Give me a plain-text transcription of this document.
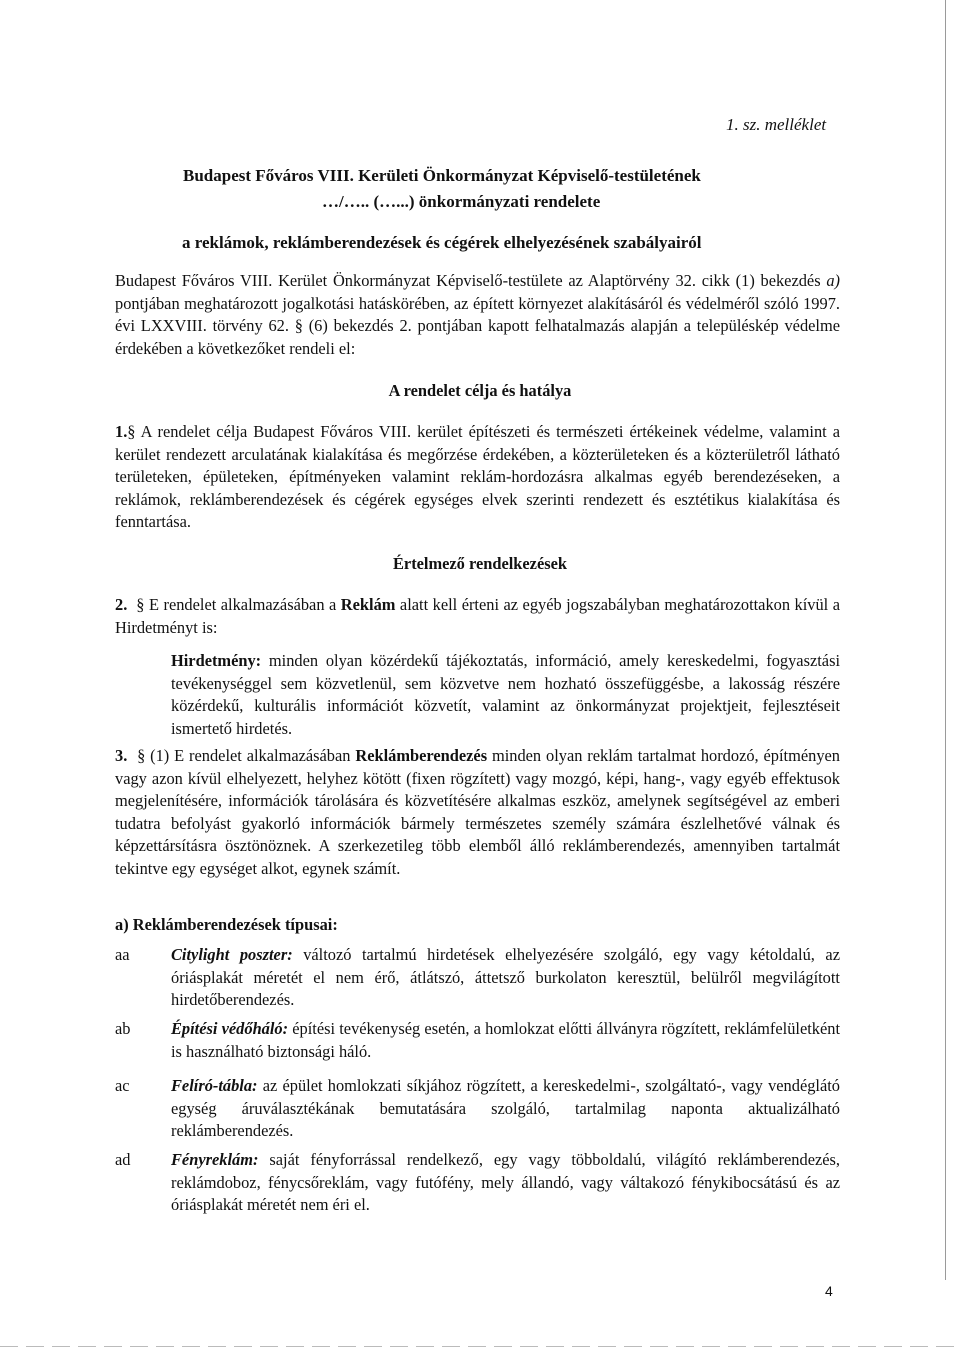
1. sz. melléklet
Budapest Főváros VIII. Kerületi Önkormányzat Képviselő-testületének
…/….. (…...) önkormányzati rendelete
a reklámok, reklámberendezések és cégérek elhelyezésének szabályairól
Budapest Főváros VIII. Kerület Önkormányzat Képviselő-testülete az Alaptörvény 32. cikk (1) bekezdés a) pontjában meghatározott jogalkotási hatáskörében, az épített környezet alakításáról és védelméről szóló 1997. évi LXXVIII. törvény 62. § (6) bekezdés 2. pontjában kapott felhatalmazás alapján a településkép védelme érdekében a következőket rendeli el:
A rendelet célja és hatálya
1.§ A rendelet célja Budapest Főváros VIII. kerület építészeti és természeti értékeinek védelme, valamint a kerület rendezett arculatának kialakítása és megőrzése érdekében, a közterületeken és a közterületről látható területeken, épületeken, építményeken valamint reklám-hordozásra alkalmas egyéb berendezéseken, a reklámok, reklámberendezések és cégérek egységes elvek szerinti rendezett és esztétikus kialakítása és fenntartása.
Értelmező rendelkezések
2. § E rendelet alkalmazásában a Reklám alatt kell érteni az egyéb jogszabályban meghatározottakon kívül a Hirdetményt is:
Hirdetmény: minden olyan közérdekű tájékoztatás, információ, amely kereskedelmi, fogyasztási tevékenységgel sem közvetlenül, sem közvetve nem hozható összefüggésbe, a lakosság részére közérdekű, kulturális információt közvetít, valamint az önkormányzat projektjeit, fejlesztéseit ismertető hirdetés.
3. § (1) E rendelet alkalmazásában Reklámberendezés minden olyan reklám tartalmat hordozó, építményen vagy azon kívül elhelyezett, helyhez kötött (fixen rögzített) vagy mozgó, képi, hang-, vagy egyéb effektusok megjelenítésére, információk tárolására és közvetítésére alkalmas eszköz, amelynek segítségével az emberi tudatra befolyást gyakorló információk bármely természetes személy számára észlelhetővé válnak és képzettársításra ösztönöznek. A szerkezetileg több elemből álló reklámberendezés, amennyiben tartalmát tekintve egy egységet alkot, egynek számít.
a) Reklámberendezések típusai:
aa	Citylight poszter: változó tartalmú hirdetések elhelyezésére szolgáló, egy vagy kétoldalú, az óriásplakát méretét el nem érő, átlátszó, áttetsző burkolaton keresztül, belülről megvilágított hirdetőberendezés.
ab	Építési védőháló: építési tevékenység esetén, a homlokzat előtti állványra rögzített, reklámfelületként is használható biztonsági háló.
ac	Felíró-tábla: az épület homlokzati síkjához rögzített, a kereskedelmi-, szolgáltató-, vagy vendéglátó egység áruválasztékának bemutatására szolgáló, tartalmilag naponta aktualizálható reklámberendezés.
ad	Fényreklám: saját fényforrással rendelkező, egy vagy többoldalú, világító reklámberendezés, reklámdoboz, fénycsőreklám, vagy futófény, mely állandó, vagy váltakozó fénykibocsátású és az óriásplakát méretét nem éri el.
4
